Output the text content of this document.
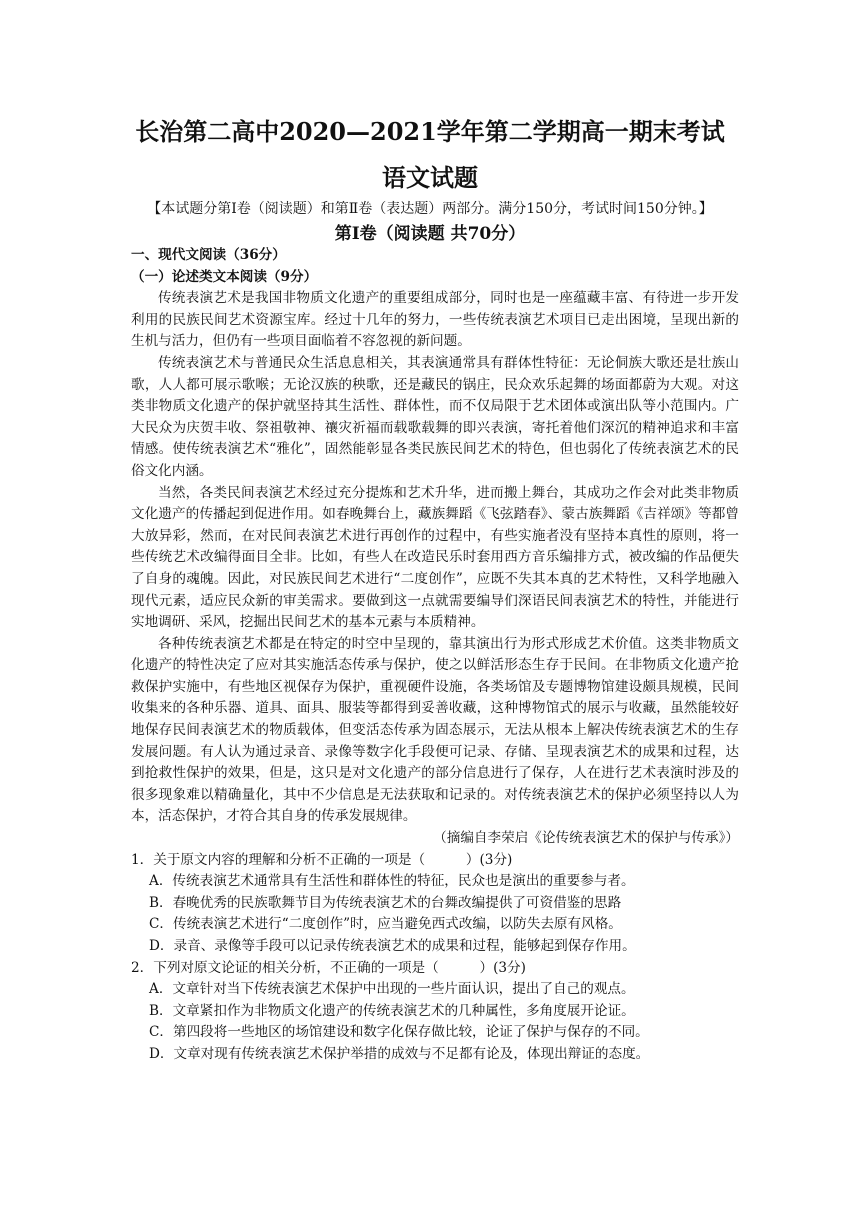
长治第二高中2020—2021学年第二学期高一期末考试
语文试题
【本试题分第Ⅰ卷（阅读题）和第Ⅱ卷（表达题）两部分。满分150分，考试时间150分钟。】
第Ⅰ卷（阅读题 共70分）
一、现代文阅读（36分）
（一）论述类文本阅读（9分）
传统表演艺术是我国非物质文化遗产的重要组成部分，同时也是一座蕴藏丰富、有待进一步开发利用的民族民间艺术资源宝库。经过十几年的努力，一些传统表演艺术项目已走出困境，呈现出新的生机与活力，但仍有一些项目面临着不容忽视的新问题。
传统表演艺术与普通民众生活息息相关，其表演通常具有群体性特征：无论侗族大歌还是壮族山歌，人人都可展示歌喉；无论汉族的秧歌，还是藏民的锅庄，民众欢乐起舞的场面都蔚为大观。对这类非物质文化遗产的保护就坚持其生活性、群体性，而不仅局限于艺术团体或演出队等小范围内。广大民众为庆贺丰收、祭祖敬神、禳灾祈福而载歌载舞的即兴表演，寄托着他们深沉的精神追求和丰富情感。使传统表演艺术“雅化”，固然能彰显各类民族民间艺术的特色，但也弱化了传统表演艺术的民俗文化内涵。
当然，各类民间表演艺术经过充分提炼和艺术升华，进而搬上舞台，其成功之作会对此类非物质文化遗产的传播起到促进作用。如春晚舞台上，藏族舞蹈《飞弦踏春》、蒙古族舞蹈《吉祥颂》等都曾大放异彩，然而，在对民间表演艺术进行再创作的过程中，有些实施者没有坚持本真性的原则，将一些传统艺术改编得面目全非。比如，有些人在改造民乐时套用西方音乐编排方式，被改编的作品便失了自身的魂魄。因此，对民族民间艺术进行“二度创作”，应既不失其本真的艺术特性，又科学地融入现代元素，适应民众新的审美需求。要做到这一点就需要编导们深语民间表演艺术的特性，并能进行实地调研、采风，挖掘出民间艺术的基本元素与本质精神。
各种传统表演艺术都是在特定的时空中呈现的，靠其演出行为形式形成艺术价值。这类非物质文化遗产的特性决定了应对其实施活态传承与保护，使之以鲜活形态生存于民间。在非物质文化遗产抢救保护实施中，有些地区视保存为保护，重视硬件设施，各类场馆及专题博物馆建设颇具规模，民间收集来的各种乐器、道具、面具、服装等都得到妥善收藏，这种博物馆式的展示与收藏，虽然能较好地保存民间表演艺术的物质载体，但变活态传承为固态展示，无法从根本上解决传统表演艺术的生存发展问题。有人认为通过录音、录像等数字化手段便可记录、存储、呈现表演艺术的成果和过程，达到抢救性保护的效果，但是，这只是对文化遗产的部分信息进行了保存，人在进行艺术表演时涉及的很多现象难以精确量化，其中不少信息是无法获取和记录的。对传统表演艺术的保护必须坚持以人为本，活态保护，才符合其自身的传承发展规律。
（摘编自李荣启《论传统表演艺术的保护与传承》）
1．关于原文内容的理解和分析不正确的一项是（　　　）(3分)
A．传统表演艺术通常具有生活性和群体性的特征，民众也是演出的重要参与者。
B．春晚优秀的民族歌舞节目为传统表演艺术的台舞改编提供了可资借鉴的思路
C．传统表演艺术进行“二度创作”时，应当避免西式改编，以防失去原有风格。
D．录音、录像等手段可以记录传统表演艺术的成果和过程，能够起到保存作用。
2．下列对原文论证的相关分析，不正确的一项是（　　　）(3分)
A．文章针对当下传统表演艺术保护中出现的一些片面认识，提出了自己的观点。
B．文章紧扣作为非物质文化遗产的传统表演艺术的几种属性，多角度展开论证。
C．第四段将一些地区的场馆建设和数字化保存做比较，论证了保护与保存的不同。
D．文章对现有传统表演艺术保护举措的成效与不足都有论及，体现出辩证的态度。
